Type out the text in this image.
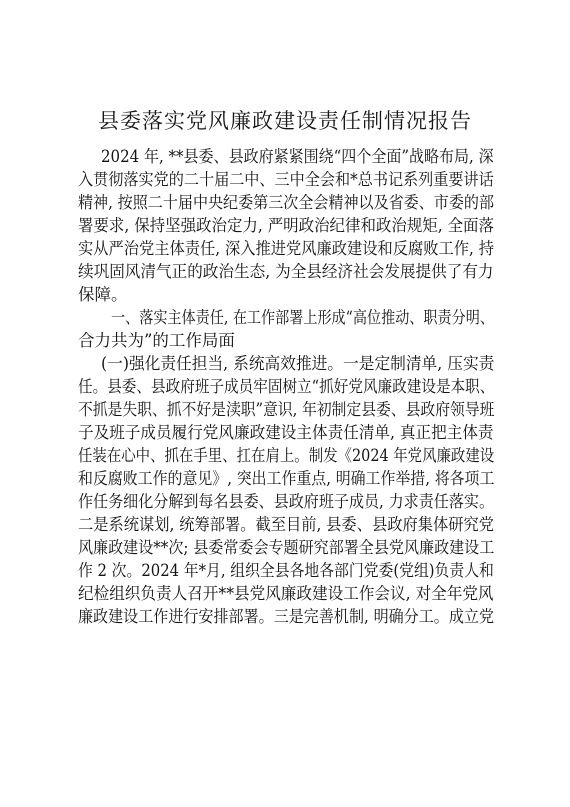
县委落实党风廉政建设责任制情况报告
2024 年, **县委、县政府紧紧围绕“四个全面”战略布局, 深
入贯彻落实党的二十届二中、三中全会和*总书记系列重要讲话
精神, 按照二十届中央纪委第三次全会精神以及省委、市委的部
署要求, 保持坚强政治定力, 严明政治纪律和政治规矩, 全面落
实从严治党主体责任, 深入推进党风廉政建设和反腐败工作, 持
续巩固风清气正的政治生态, 为全县经济社会发展提供了有力
保障。
一、落实主体责任, 在工作部署上形成“高位推动、职责分明、
合力共为”的工作局面
(一)强化责任担当, 系统高效推进。一是定制清单, 压实责
任。县委、县政府班子成员牢固树立“抓好党风廉政建设是本职、
不抓是失职、抓不好是渎职”意识, 年初制定县委、县政府领导班
子及班子成员履行党风廉政建设主体责任清单, 真正把主体责
任装在心中、抓在手里、扛在肩上。制发《2024 年党风廉政建设
和反腐败工作的意见》, 突出工作重点, 明确工作举措, 将各项工
作任务细化分解到每名县委、县政府班子成员, 力求责任落实。
二是系统谋划, 统筹部署。截至目前, 县委、县政府集体研究党
风廉政建设**次; 县委常委会专题研究部署全县党风廉政建设工
作 2 次。2024 年*月, 组织全县各地各部门党委(党组)负责人和
纪检组织负责人召开**县党风廉政建设工作会议, 对全年党风
廉政建设工作进行安排部署。三是完善机制, 明确分工。成立党
